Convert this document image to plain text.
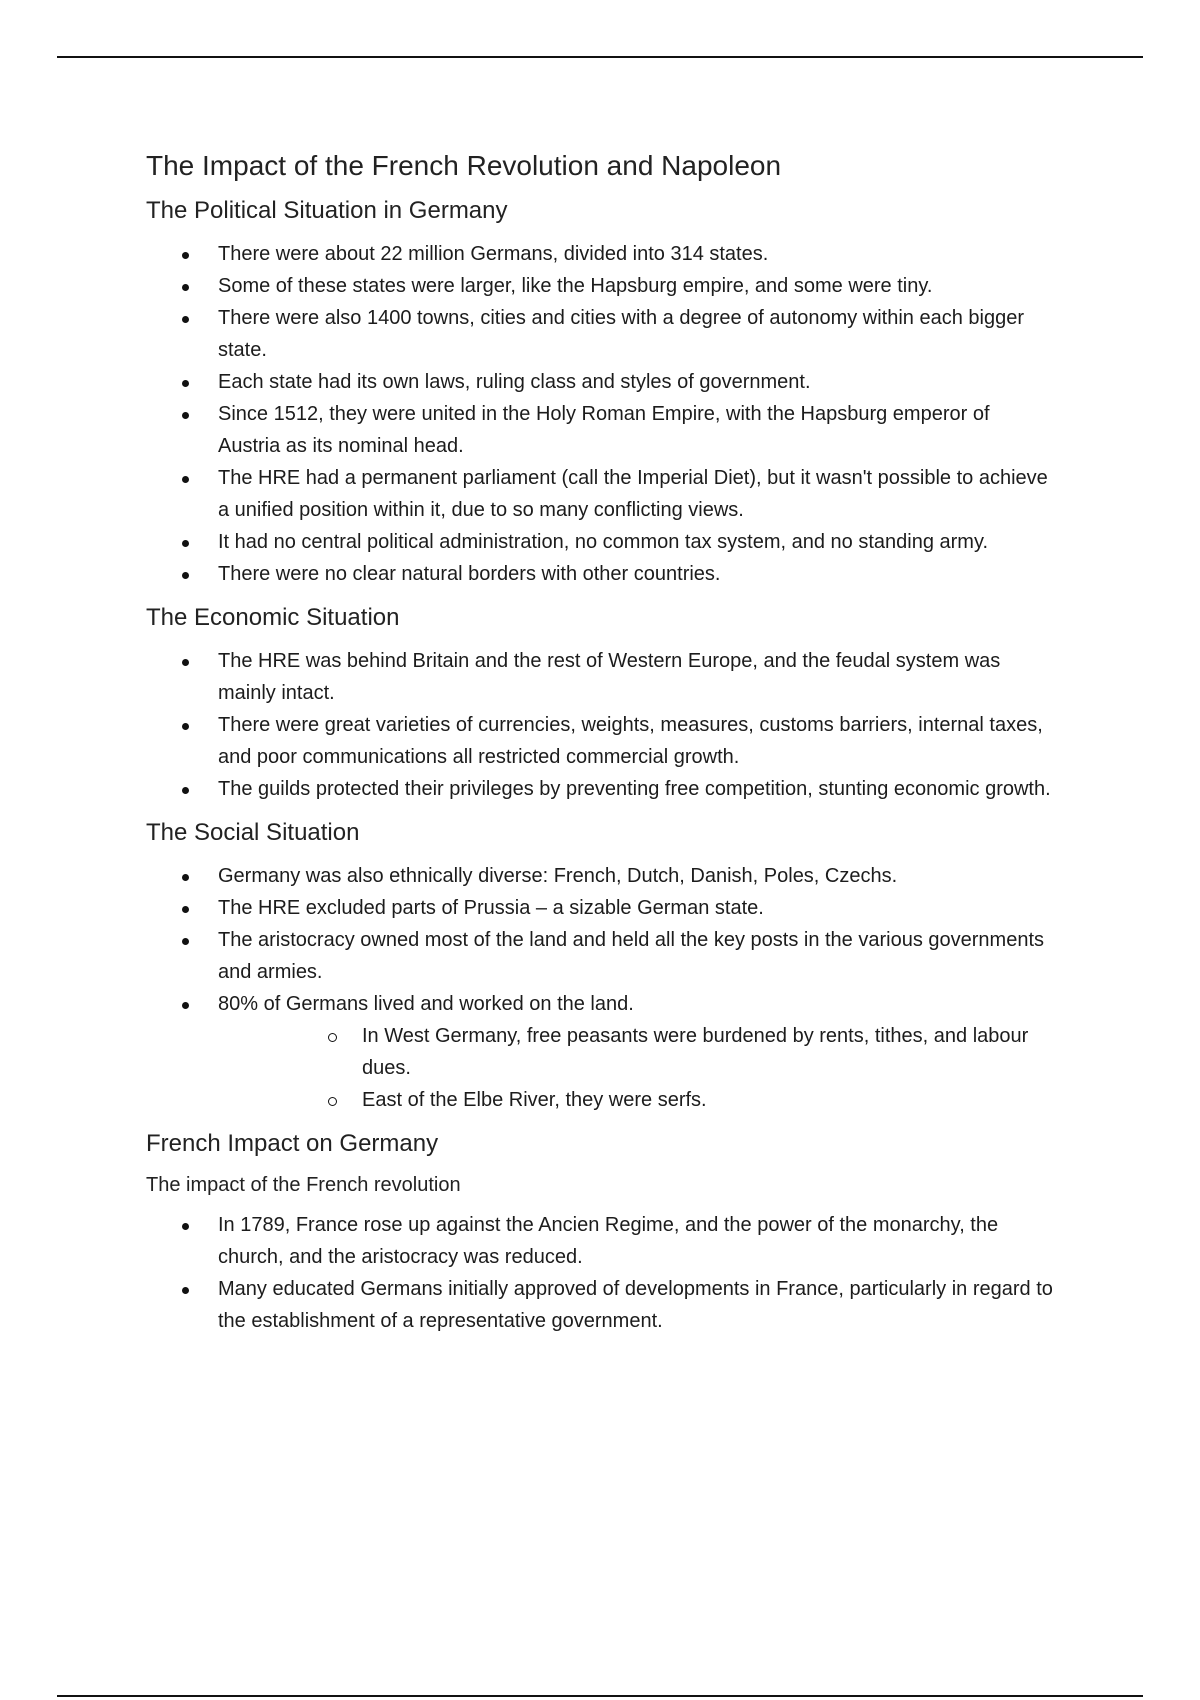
The Impact of the French Revolution and Napoleon
The Political Situation in Germany
There were about 22 million Germans, divided into 314 states.
Some of these states were larger, like the Hapsburg empire, and some were tiny.
There were also 1400 towns, cities and cities with a degree of autonomy within each bigger state.
Each state had its own laws, ruling class and styles of government.
Since 1512, they were united in the Holy Roman Empire, with the Hapsburg emperor of Austria as its nominal head.
The HRE had a permanent parliament (call the Imperial Diet), but it wasn't possible to achieve a unified position within it, due to so many conflicting views.
It had no central political administration, no common tax system, and no standing army.
There were no clear natural borders with other countries.
The Economic Situation
The HRE was behind Britain and the rest of Western Europe, and the feudal system was mainly intact.
There were great varieties of currencies, weights, measures, customs barriers, internal taxes, and poor communications all restricted commercial growth.
The guilds protected their privileges by preventing free competition, stunting economic growth.
The Social Situation
Germany was also ethnically diverse: French, Dutch, Danish, Poles, Czechs.
The HRE excluded parts of Prussia – a sizable German state.
The aristocracy owned most of the land and held all the key posts in the various governments and armies.
80% of Germans lived and worked on the land.
In West Germany, free peasants were burdened by rents, tithes, and labour dues.
East of the Elbe River, they were serfs.
French Impact on Germany
The impact of the French revolution
In 1789, France rose up against the Ancien Regime, and the power of the monarchy, the church, and the aristocracy was reduced.
Many educated Germans initially approved of developments in France, particularly in regard to the establishment of a representative government.
